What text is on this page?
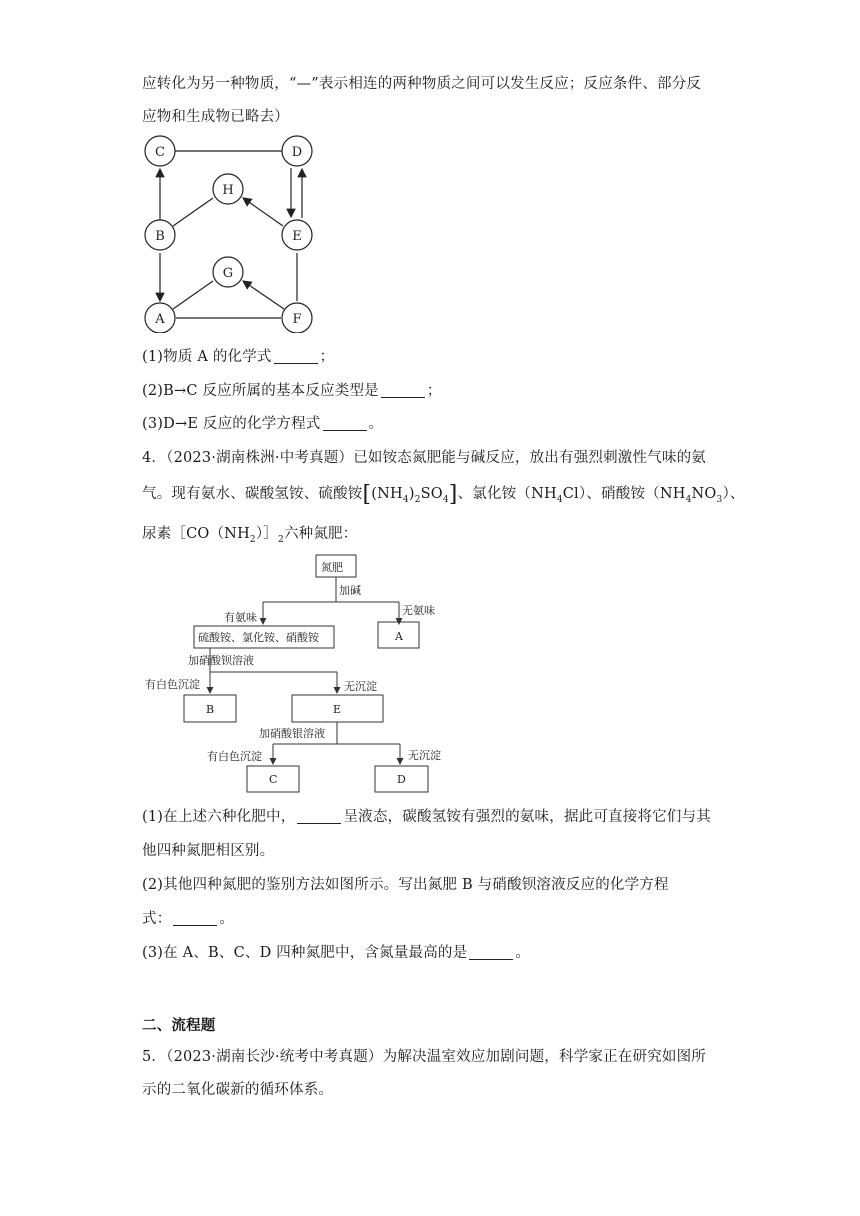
应转化为另一种物质，“—”表示相连的两种物质之间可以发生反应；反应条件、部分反
应物和生成物已略去）
C	D
H
B	E
G
A	F
(1)物质 A 的化学式	；
(2)B→C 反应所属的基本反应类型是	；
(3)D→E 反应的化学方程式	。
4．（2023·湖南株洲·中考真题）已如铵态氮肥能与碱反应，放出有强烈刺激性气味的氨
气。现有氨水、碳酸氢铵、硫酸铵$[(NH_4)_2SO_4]$、氯化铵$(NH_4Cl)$、硝酸铵$(NH_4NO_3)$、
尿素$[CO(NH_2)]_2$六种氮肥：
氮肥
加碱
有氨味
无氨味
硫酸铵、氯化铵、硝酸铵	A
加硝酸钡溶液
有白色沉淀	无沉淀
B	E
加硝酸银溶液
有白色沉淀	无沉淀
C	D
(1)在上述六种化肥中，	呈液态，碳酸氢铵有强烈的氨味，据此可直接将它们与其
他四种氮肥相区别。
(2)其他四种氮肥的鉴别方法如图所示。写出氮肥 B 与硝酸钡溶液反应的化学方程
式：	。
(3)在 A、B、C、D 四种氮肥中，含氮量最高的是	。
二、流程题
5．（2023·湖南长沙·统考中考真题）为解决温室效应加剧问题，科学家正在研究如图所
示的二氧化碳新的循环体系。
